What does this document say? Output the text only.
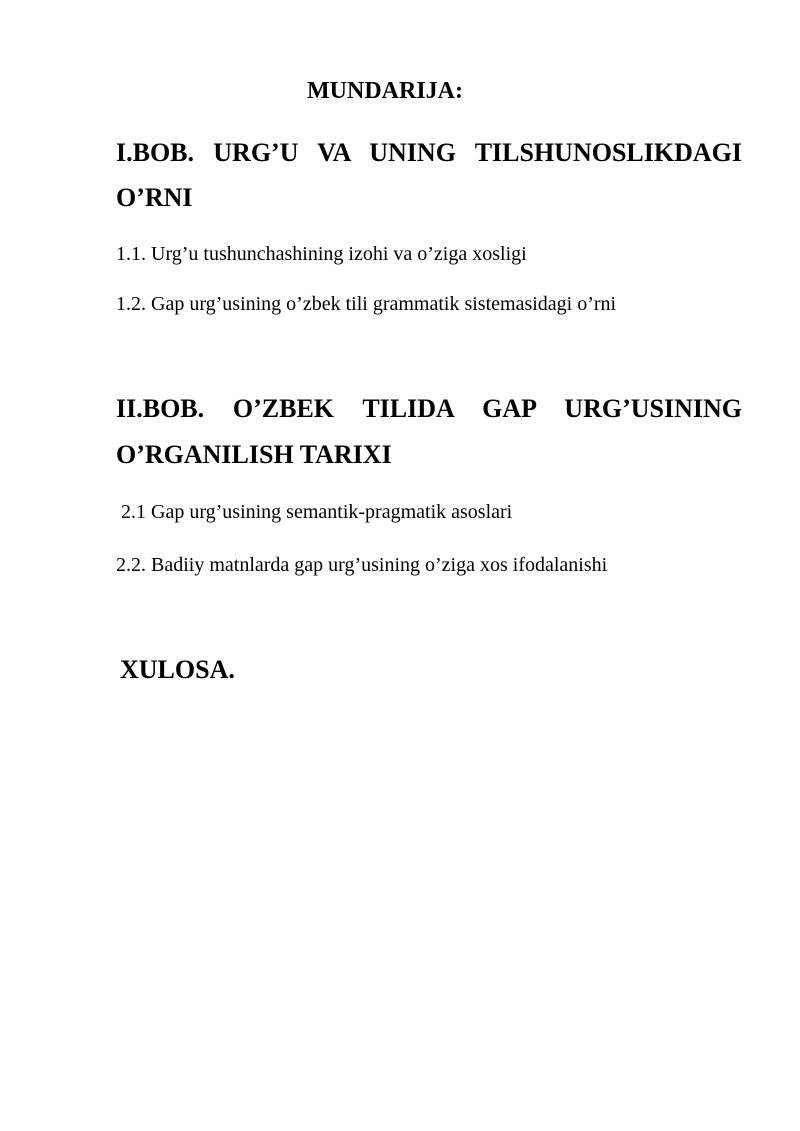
MUNDARIJA:
I.BOB. URG’U VA UNING TILSHUNOSLIKDAGI
O’RNI
1.1. Urg’u tushunchashining izohi va o’ziga xosligi
1.2. Gap urg’usining o’zbek tili grammatik sistemasidagi o’rni
II.BOB. O’ZBEK TILIDA GAP URG’USINING
O’RGANILISH TARIXI
2.1 Gap urg’usining semantik-pragmatik asoslari
2.2. Badiiy matnlarda gap urg’usining o’ziga xos ifodalanishi
XULOSA.
